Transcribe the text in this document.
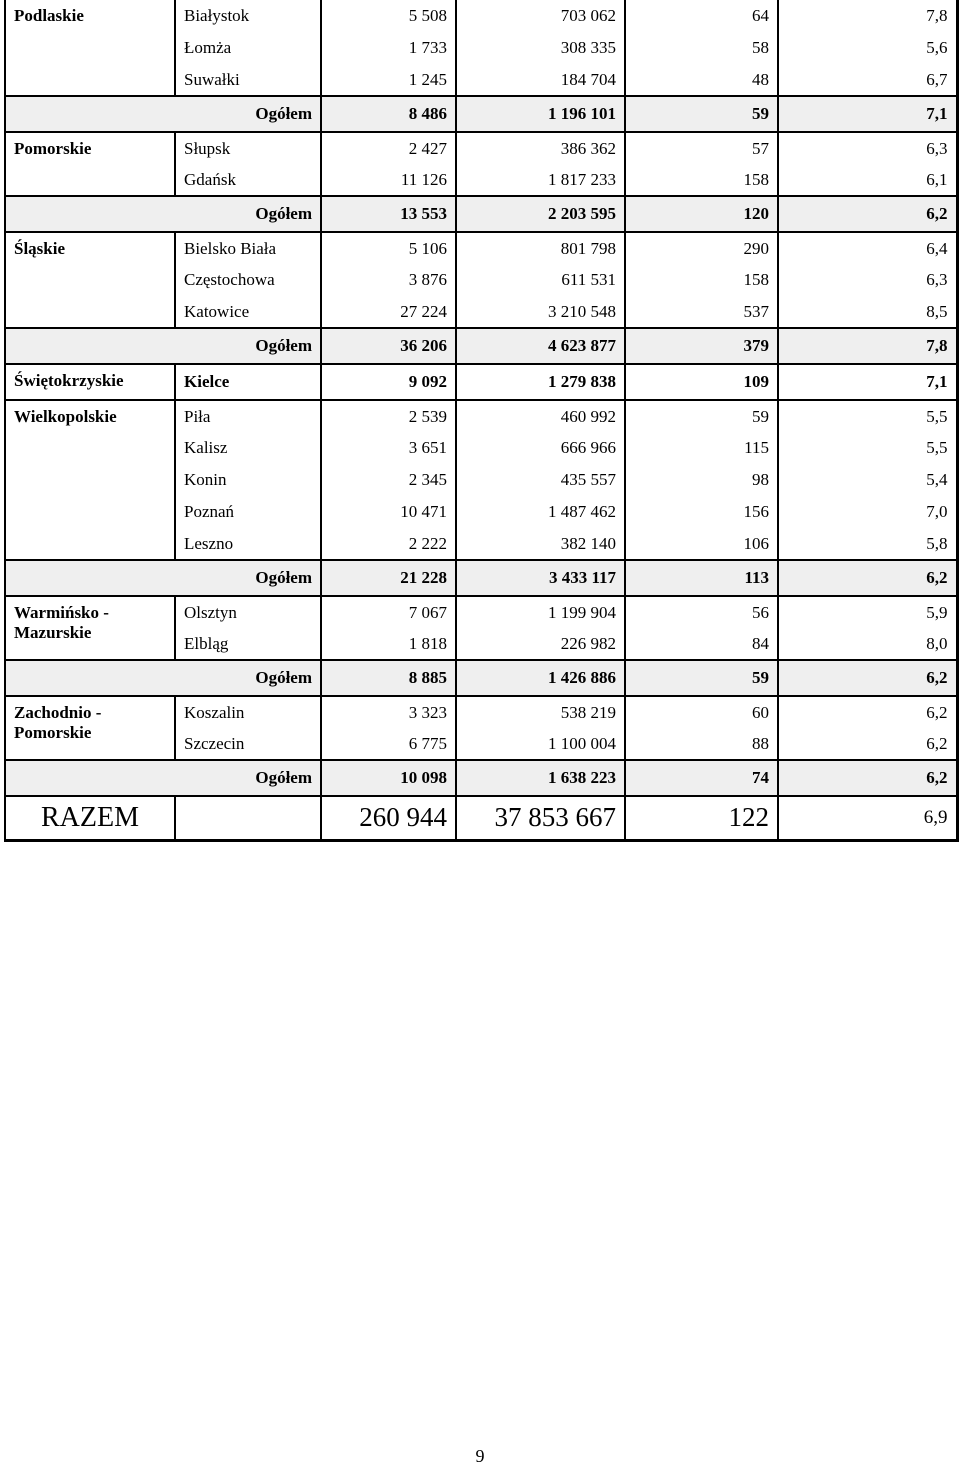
Podlaskie	Białystok	5 508	703 062	64	7,8
	Łomża	1 733	308 335	58	5,6
	Suwałki	1 245	184 704	48	6,7
Ogółem		8 486	1 196 101	59	7,1
Pomorskie	Słupsk	2 427	386 362	57	6,3
	Gdańsk	11 126	1 817 233	158	6,1
Ogółem		13 553	2 203 595	120	6,2
Śląskie	Bielsko Biała	5 106	801 798	290	6,4
	Częstochowa	3 876	611 531	158	6,3
	Katowice	27 224	3 210 548	537	8,5
Ogółem		36 206	4 623 877	379	7,8
Świętokrzyskie	Kielce	9 092	1 279 838	109	7,1
Wielkopolskie	Piła	2 539	460 992	59	5,5
	Kalisz	3 651	666 966	115	5,5
	Konin	2 345	435 557	98	5,4
	Poznań	10 471	1 487 462	156	7,0
	Leszno	2 222	382 140	106	5,8
Ogółem		21 228	3 433 117	113	6,2
Warmińsko -Mazurskie	Olsztyn	7 067	1 199 904	56	5,9
	Elbląg	1 818	226 982	84	8,0
Ogółem		8 885	1 426 886	59	6,2
Zachodnio -Pomorskie	Koszalin	3 323	538 219	60	6,2
	Szczecin	6 775	1 100 004	88	6,2
Ogółem		10 098	1 638 223	74	6,2
RAZEM		260 944	37 853 667	122	6,9
9
